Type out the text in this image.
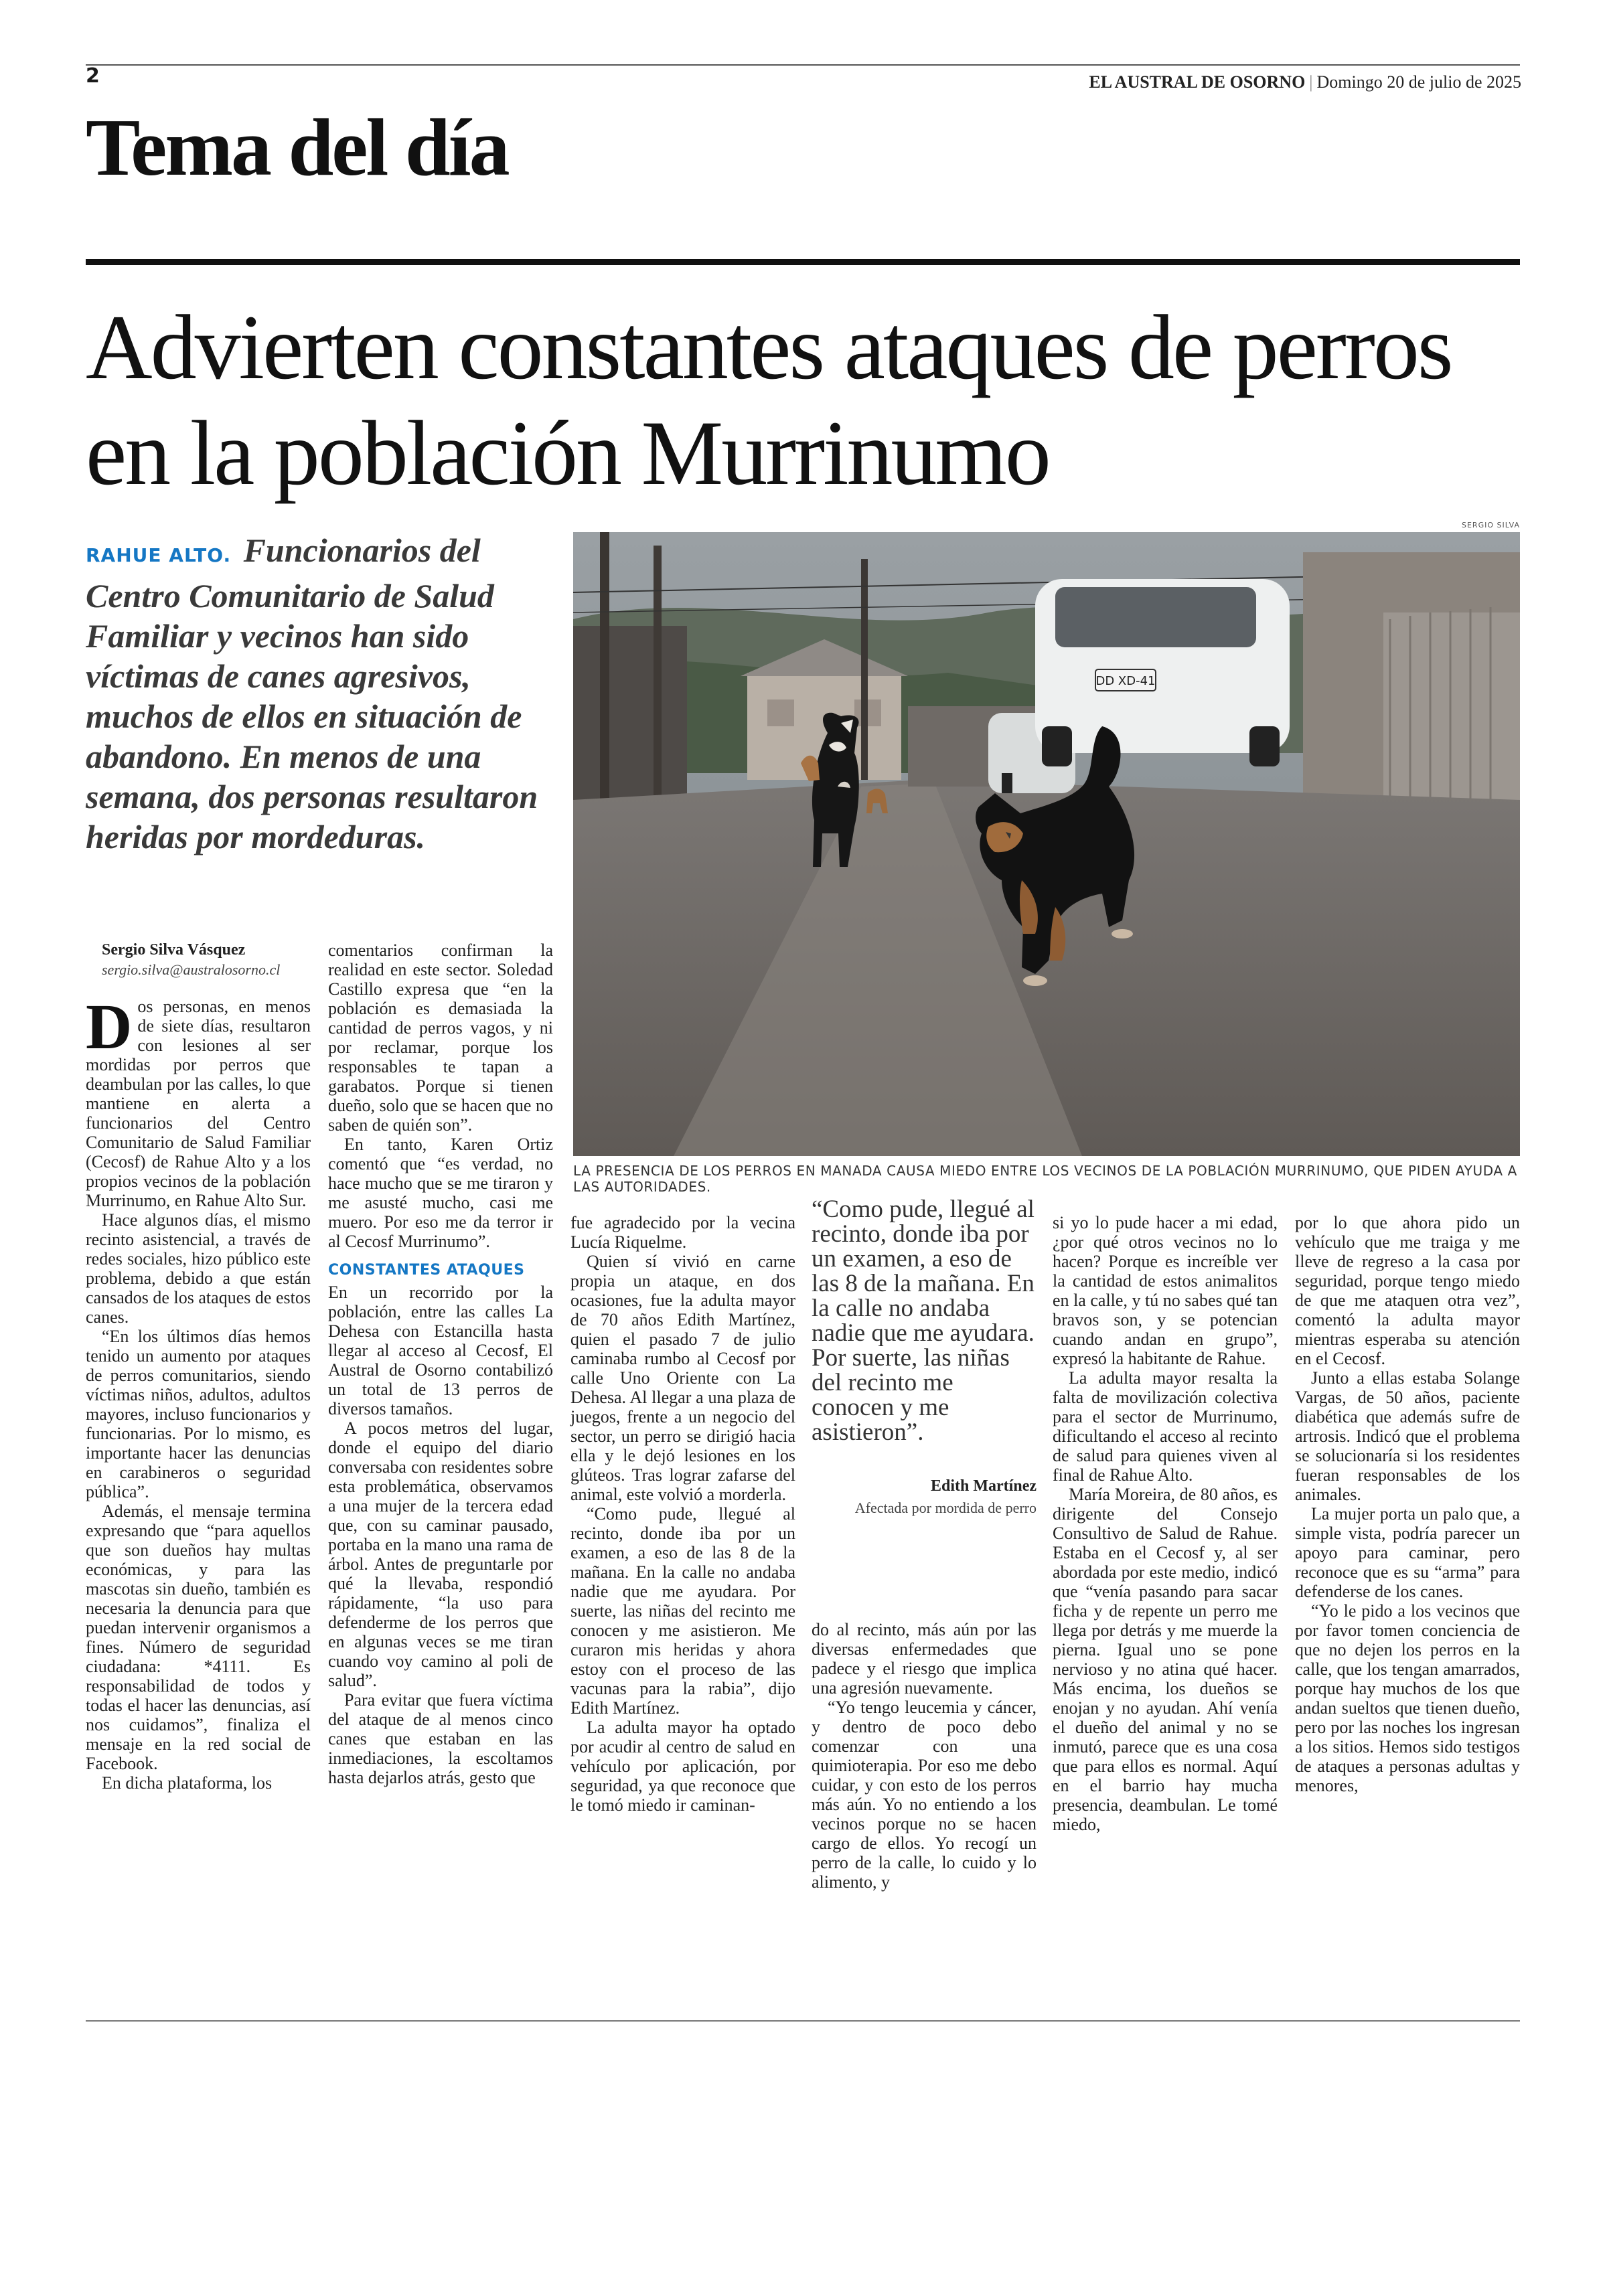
2	EL AUSTRAL DE OSORNO | Domingo 20 de julio de 2025
Tema del día
Advierten constantes ataques de perros en la población Murrinumo
RAHUE ALTO. Funcionarios del Centro Comunitario de Salud Familiar y vecinos han sido víctimas de canes agresivos, muchos de ellos en situación de abandono. En menos de una semana, dos personas resultaron heridas por mordeduras.
SERGIO SILVA
DD XD-41
LA PRESENCIA DE LOS PERROS EN MANADA CAUSA MIEDO ENTRE LOS VECINOS DE LA POBLACIÓN MURRINUMO, QUE PIDEN AYUDA A LAS AUTORIDADES.

Sergio Silva Vásquez

sergio.silva@australosorno.cl

Dos personas, en menos de siete días, resultaron con lesiones al ser mordidas por perros que deambulan por las calles, lo que mantiene en alerta a funcionarios del Centro Comunitario de Salud Familiar (Cecosf) de Rahue Alto y a los propios vecinos de la población Murrinumo, en Rahue Alto Sur.

Hace algunos días, el mismo recinto asistencial, a través de redes sociales, hizo público este problema, debido a que están cansados de los ataques de estos canes.

“En los últimos días hemos tenido un aumento por ataques de perros comunitarios, siendo víctimas niños, adultos, adultos mayores, incluso funcionarios y funcionarias. Por lo mismo, es importante hacer las denuncias en carabineros o seguridad pública”.

Además, el mensaje termina expresando que “para aquellos que son dueños hay multas económicas, y para las mascotas sin dueño, también es necesaria la denuncia para que puedan intervenir organismos a fines. Número de seguridad ciudadana: *4111. Es responsabilidad de todos y todas el hacer las denuncias, así nos cuidamos”, finaliza el mensaje en la red social de Facebook.

En dicha plataforma, los

comentarios confirman la realidad en este sector. Soledad Castillo expresa que “en la población es demasiada la cantidad de perros vagos, y ni por reclamar, porque los responsables te tapan a garabatos. Porque si tienen dueño, solo que se hacen que no saben de quién son”.

En tanto, Karen Ortiz comentó que “es verdad, no hace mucho que se me tiraron y me asusté mucho, casi me muero. Por eso me da terror ir al Cecosf Murrinumo”.

CONSTANTES ATAQUES

En un recorrido por la población, entre las calles La Dehesa con Estancilla hasta llegar al acceso al Cecosf, El Austral de Osorno contabilizó un total de 13 perros de diversos tamaños.

A pocos metros del lugar, donde el equipo del diario conversaba con residentes sobre esta problemática, observamos a una mujer de la tercera edad que, con su caminar pausado, portaba en la mano una rama de árbol. Antes de preguntarle por qué la llevaba, respondió rápidamente, “la uso para defenderme de los perros que en algunas veces se me tiran cuando voy camino al poli de salud”.

Para evitar que fuera víctima del ataque de al menos cinco canes que estaban en las inmediaciones, la escoltamos hasta dejarlos atrás, gesto que

fue agradecido por la vecina Lucía Riquelme.

Quien sí vivió en carne propia un ataque, en dos ocasiones, fue la adulta mayor de 70 años Edith Martínez, quien el pasado 7 de julio caminaba rumbo al Cecosf por calle Uno Oriente con La Dehesa. Al llegar a una plaza de juegos, frente a un negocio del sector, un perro se dirigió hacia ella y le dejó lesiones en los glúteos. Tras lograr zafarse del animal, este volvió a morderla.

“Como pude, llegué al recinto, donde iba por un examen, a eso de las 8 de la mañana. En la calle no andaba nadie que me ayudara. Por suerte, las niñas del recinto me conocen y me asistieron. Me curaron mis heridas y ahora estoy con el proceso de las vacunas para la rabia”, dijo Edith Martínez.

La adulta mayor ha optado por acudir al centro de salud en vehículo por aplicación, por seguridad, ya que reconoce que le tomó miedo ir caminan-

“Como pude, llegué al recinto, donde iba por un examen, a eso de las 8 de la mañana. En la calle no andaba nadie que me ayudara. Por suerte, las niñas del recinto me conocen y me asistieron”.
Edith Martínez
Afectada por mordida de perro

do al recinto, más aún por las diversas enfermedades que padece y el riesgo que implica una agresión nuevamente.

“Yo tengo leucemia y cáncer, y dentro de poco debo comenzar con una quimioterapia. Por eso me debo cuidar, y con esto de los perros más aún. Yo no entiendo a los vecinos porque no se hacen cargo de ellos. Yo recogí un perro de la calle, lo cuido y lo alimento, y

si yo lo pude hacer a mi edad, ¿por qué otros vecinos no lo hacen? Porque es increíble ver la cantidad de estos animalitos en la calle, y tú no sabes qué tan bravos son, y se potencian cuando andan en grupo”, expresó la habitante de Rahue.

La adulta mayor resalta la falta de movilización colectiva para el sector de Murrinumo, dificultando el acceso al recinto de salud para quienes viven al final de Rahue Alto.

María Moreira, de 80 años, es dirigente del Consejo Consultivo de Salud de Rahue. Estaba en el Cecosf y, al ser abordada por este medio, indicó que “venía pasando para sacar ficha y de repente un perro me llega por detrás y me muerde la pierna. Igual uno se pone nervioso y no atina qué hacer. Más encima, los dueños se enojan y no ayudan. Ahí venía el dueño del animal y no se inmutó, parece que es una cosa que para ellos es normal. Aquí en el barrio hay mucha presencia, deambulan. Le tomé miedo,

por lo que ahora pido un vehículo que me traiga y me lleve de regreso a la casa por seguridad, porque tengo miedo de que me ataquen otra vez”, comentó la adulta mayor mientras esperaba su atención en el Cecosf.

Junto a ellas estaba Solange Vargas, de 50 años, paciente diabética que además sufre de artrosis. Indicó que el problema se solucionaría si los residentes fueran responsables de los animales.

La mujer porta un palo que, a simple vista, podría parecer un apoyo para caminar, pero reconoce que es su “arma” para defenderse de los canes.

“Yo le pido a los vecinos que por favor tomen conciencia de que no dejen los perros en la calle, que los tengan amarrados, porque hay muchos de los que andan sueltos que tienen dueño, pero por las noches los ingresan a los sitios. Hemos sido testigos de ataques a personas adultas y menores,
